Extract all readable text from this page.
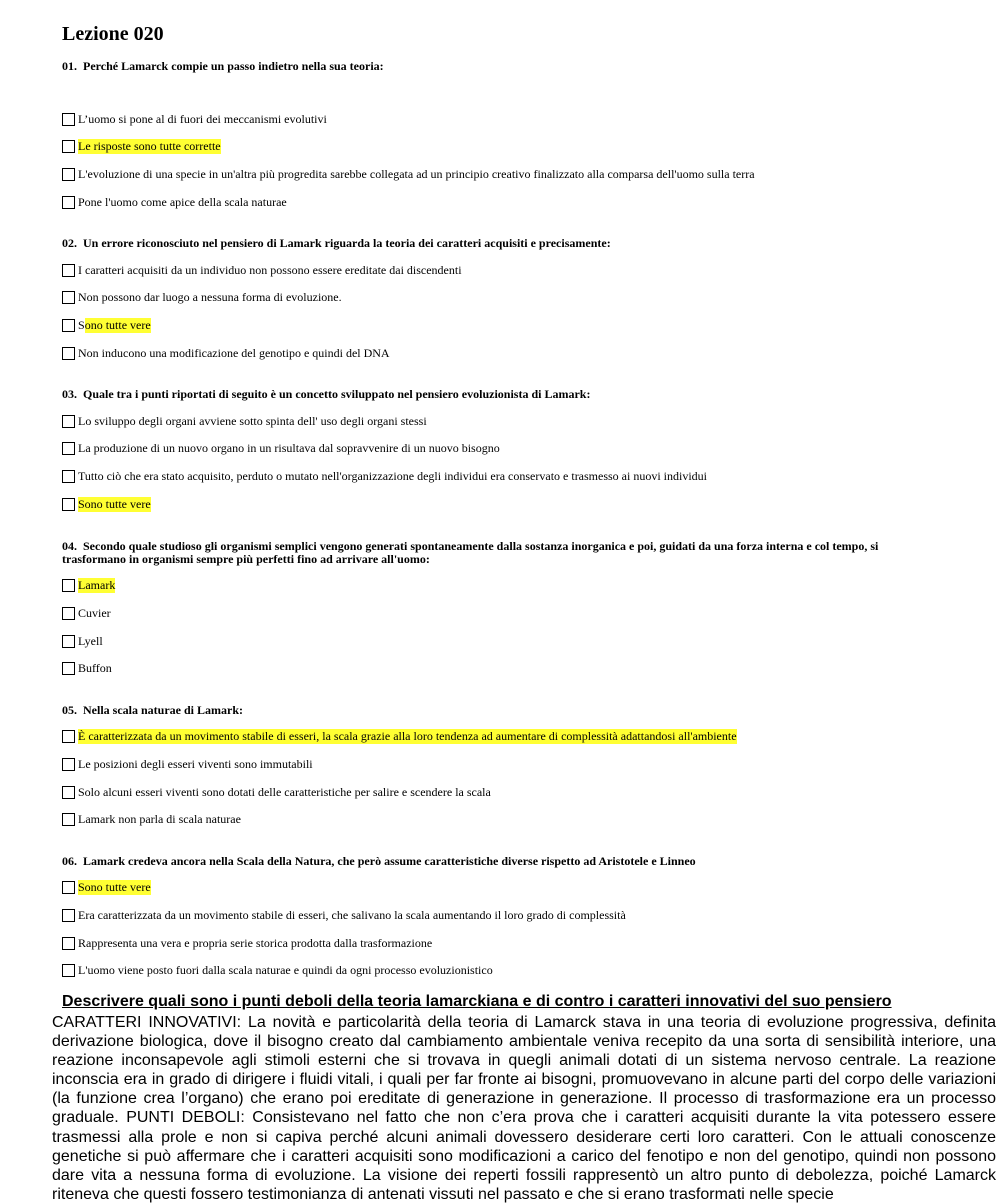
Lezione 020
01. Perché Lamarck compie un passo indietro nella sua teoria:
L’uomo si pone al di fuori dei meccanismi evolutivi
Le risposte sono tutte corrette
L'evoluzione di una specie in un'altra più progredita sarebbe collegata ad un principio creativo finalizzato alla comparsa dell'uomo sulla terra
Pone l'uomo come apice della scala naturae
02. Un errore riconosciuto nel pensiero di Lamark riguarda la teoria dei caratteri acquisiti e precisamente:
I caratteri acquisiti da un individuo non possono essere ereditate dai discendenti
Non possono dar luogo a nessuna forma di evoluzione.
S ono tutte vere
Non inducono una modificazione del genotipo e quindi del DNA
03. Quale tra i punti riportati di seguito è un concetto sviluppato nel pensiero evoluzionista di Lamark:
Lo sviluppo degli organi avviene sotto spinta dell' uso degli organi stessi
La produzione di un nuovo organo in un risultava dal sopravvenire di un nuovo bisogno
Tutto ciò che era stato acquisito, perduto o mutato nell'organizzazione degli individui era conservato e trasmesso ai nuovi individui
Sono tutte vere
04. Secondo quale studioso gli organismi semplici vengono generati spontaneamente dalla sostanza inorganica e poi, guidati da una forza interna e col tempo, si trasformano in organismi sempre più perfetti fino ad arrivare all'uomo:
Lamark
Cuvier
Lyell
Buffon
05. Nella scala naturae di Lamark:
È caratterizzata da un movimento stabile di esseri, la scala grazie alla loro tendenza ad aumentare di complessità adattandosi all'ambiente
Le posizioni degli esseri viventi sono immutabili
Solo alcuni esseri viventi sono dotati delle caratteristiche per salire e scendere la scala
Lamark non parla di scala naturae
06. Lamark credeva ancora nella Scala della Natura, che però assume caratteristiche diverse rispetto ad Aristotele e Linneo
Sono tutte vere
Era caratterizzata da un movimento stabile di esseri, che salivano la scala aumentando il loro grado di complessità
Rappresenta una vera e propria serie storica prodotta dalla trasformazione
L'uomo viene posto fuori dalla scala naturae e quindi da ogni processo evoluzionistico
Descrivere quali sono i punti deboli della teoria lamarckiana e di contro i caratteri innovativi del suo pensiero

CARATTERI INNOVATIVI: La novità e particolarità della teoria di Lamarck stava in una teoria di evoluzione progressiva, definita derivazione biologica, dove il bisogno creato dal cambiamento ambientale veniva recepito da una sorta di sensibilità interiore, una reazione inconsapevole agli stimoli esterni che si trovava in quegli animali dotati di un sistema nervoso centrale. La reazione inconscia era in grado di dirigere i fluidi vitali, i quali per far fronte ai bisogni, promuovevano in alcune parti del corpo delle variazioni (la funzione crea l’organo) che erano poi ereditate di generazione in generazione. Il processo di trasformazione era un processo graduale. PUNTI DEBOLI: Consistevano nel fatto che non c’era prova che i caratteri acquisiti durante la vita potessero essere trasmessi alla prole e non si capiva perché alcuni animali dovessero desiderare certi loro caratteri. Con le attuali conoscenze genetiche si può affermare che i caratteri acquisiti sono modificazioni a carico del fenotipo e non del genotipo, quindi non possono dare vita a nessuna forma di evoluzione. La visione dei reperti fossili rappresentò un altro punto di debolezza, poiché Lamarck riteneva che questi fossero testimonianza di antenati vissuti nel passato e che si erano trasformati nelle specie
